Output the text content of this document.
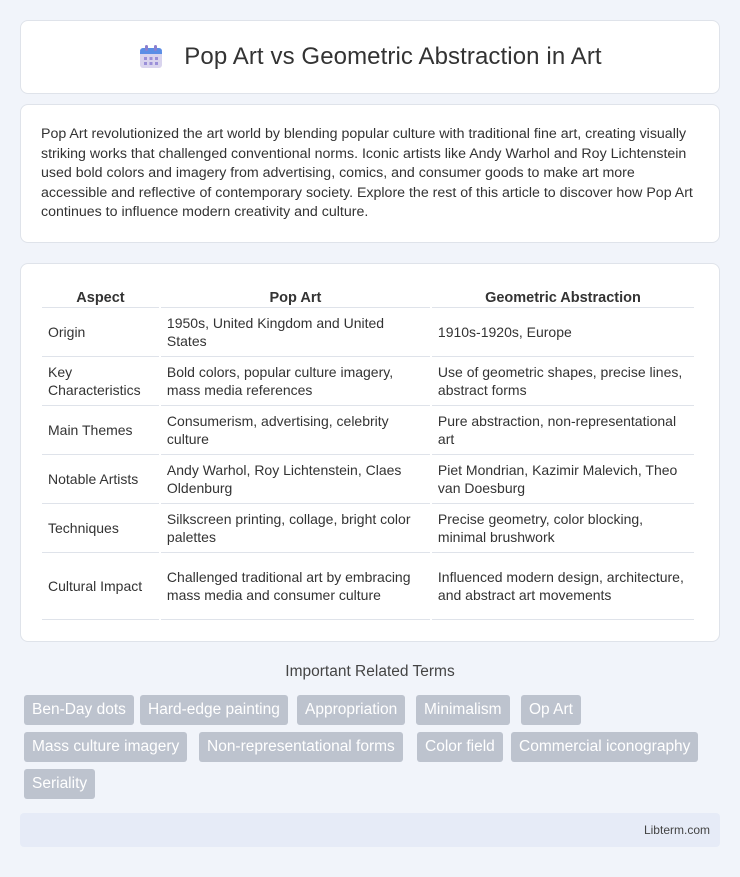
Pop Art vs Geometric Abstraction in Art

Pop Art revolutionized the art world by blending popular culture with traditional fine art, creating visually striking works that challenged conventional norms. Iconic artists like Andy Warhol and Roy Lichtenstein used bold colors and imagery from advertising, comics, and consumer goods to make art more accessible and reflective of contemporary society. Explore the rest of this article to discover how Pop Art continues to influence modern creativity and culture.

Aspect	Pop Art	Geometric Abstraction
Origin	1950s, United Kingdom and United States	1910s-1920s, Europe
Key Characteristics	Bold colors, popular culture imagery, mass media references	Use of geometric shapes, precise lines, abstract forms
Main Themes	Consumerism, advertising, celebrity culture	Pure abstraction, non-representational art
Notable Artists	Andy Warhol, Roy Lichtenstein, Claes Oldenburg	Piet Mondrian, Kazimir Malevich, Theo van Doesburg
Techniques	Silkscreen printing, collage, bright color palettes	Precise geometry, color blocking, minimal brushwork
Cultural Impact	Challenged traditional art by embracing mass media and consumer culture	Influenced modern design, architecture, and abstract art movements
Important Related Terms
Ben-Day dots	Hard-edge painting	Appropriation	Minimalism	Op Art
Mass culture imagery	Non-representational forms	Color field	Commercial iconography
Seriality
Libterm.com
